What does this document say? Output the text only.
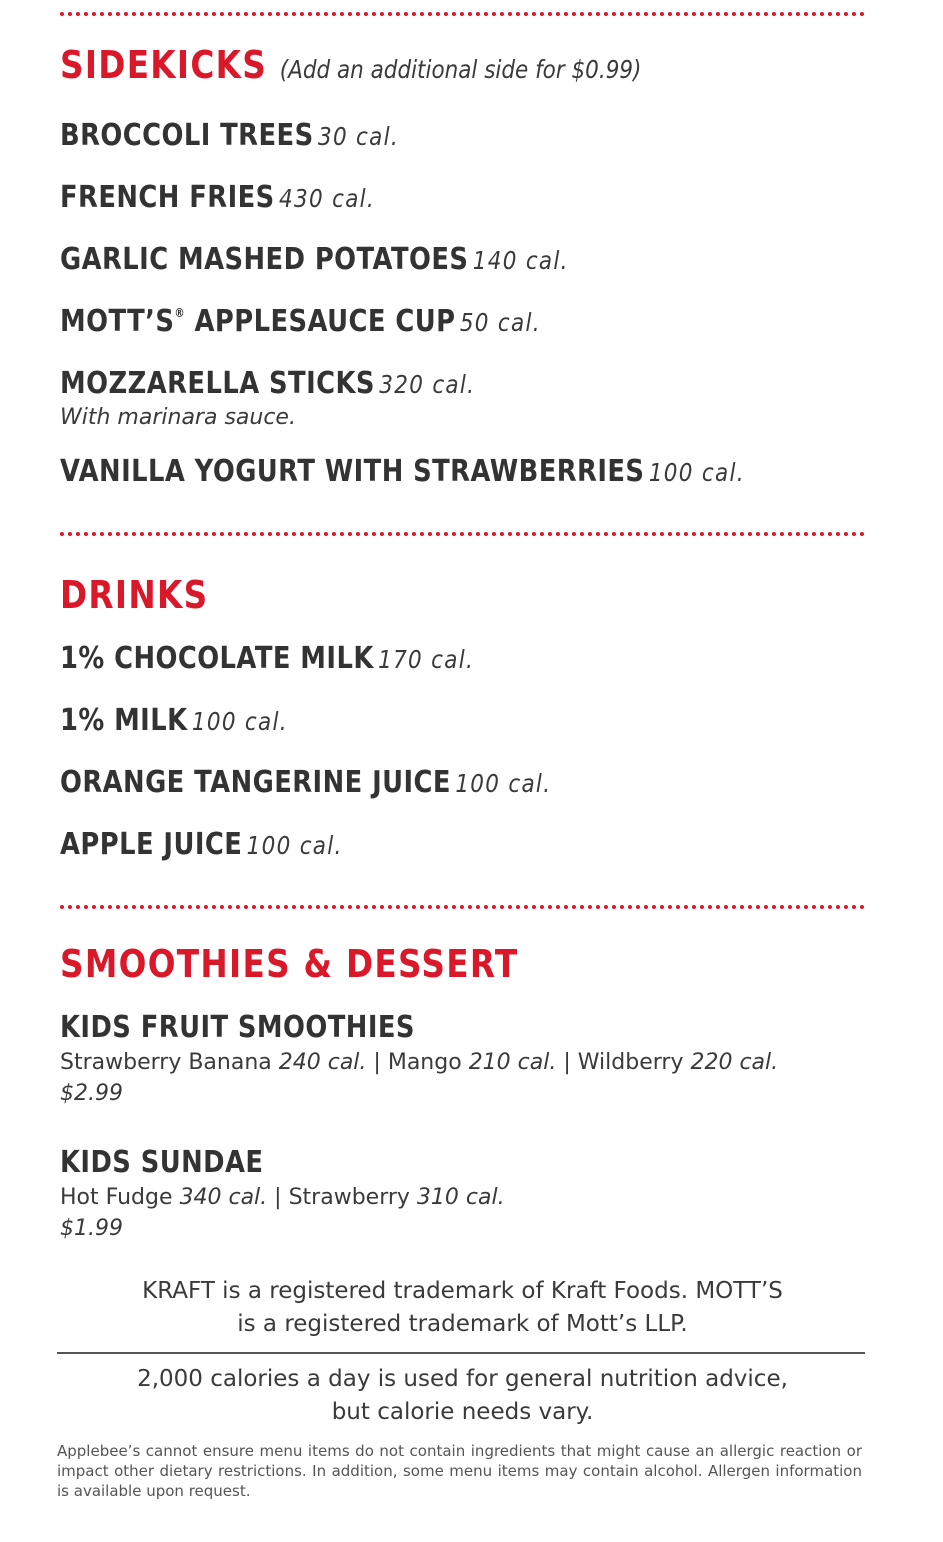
SIDEKICKS (Add an additional side for $0.99)
BROCCOLI TREES 30 cal.
FRENCH FRIES 430 cal.
GARLIC MASHED POTATOES 140 cal.
MOTT’S® APPLESAUCE CUP 50 cal.
MOZZARELLA STICKS 320 cal.
With marinara sauce.
VANILLA YOGURT WITH STRAWBERRIES 100 cal.
DRINKS
1% CHOCOLATE MILK 170 cal.
1% MILK 100 cal.
ORANGE TANGERINE JUICE 100 cal.
APPLE JUICE 100 cal.
SMOOTHIES & DESSERT
KIDS FRUIT SMOOTHIES
Strawberry Banana 240 cal. | Mango 210 cal. | Wildberry 220 cal.
$2.99
KIDS SUNDAE
Hot Fudge 340 cal. | Strawberry 310 cal.
$1.99
KRAFT is a registered trademark of Kraft Foods. MOTT’S
is a registered trademark of Mott’s LLP.
2,000 calories a day is used for general nutrition advice,
but calorie needs vary.
Applebee’s cannot ensure menu items do not contain ingredients that might cause an allergic reaction or impact other dietary restrictions. In addition, some menu items may contain alcohol. Allergen information is available upon request.
